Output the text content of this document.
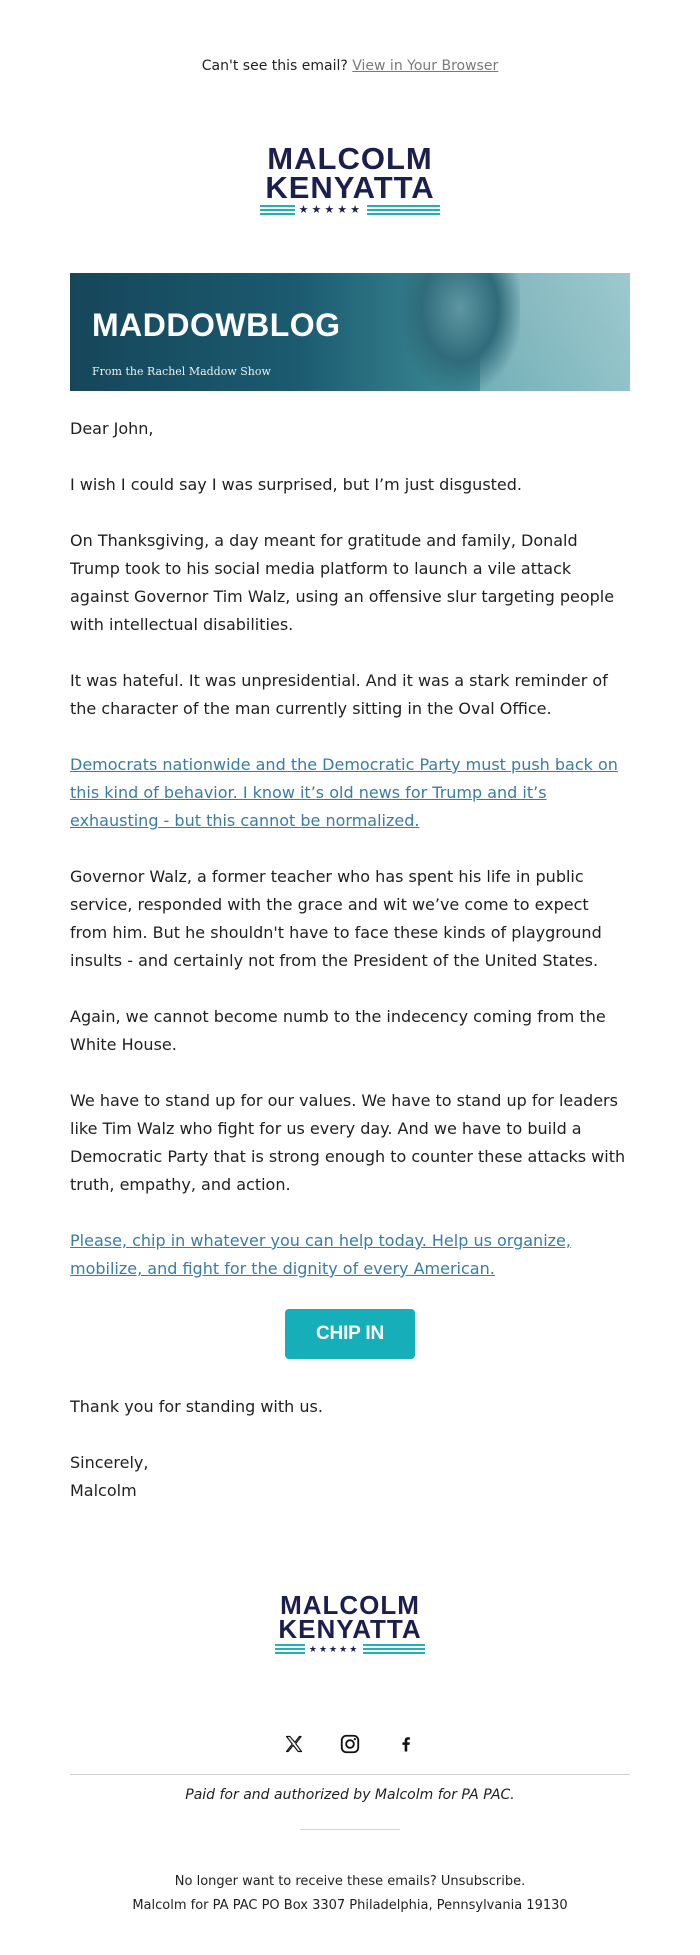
Can't see this email? View in Your Browser
MALCOLM
KENYATTA
★★★★★
MADDOWBLOG
From the Rachel Maddow Show

Dear John,

I wish I could say I was surprised, but I’m just disgusted.

On Thanksgiving, a day meant for gratitude and family, Donald Trump took to his social media platform to launch a vile attack against Governor Tim Walz, using an offensive slur targeting people with intellectual disabilities.

It was hateful. It was unpresidential. And it was a stark reminder of the character of the man currently sitting in the Oval Office.

Democrats nationwide and the Democratic Party must push back on this kind of behavior. I know it’s old news for Trump and it’s exhausting - but this cannot be normalized.

Governor Walz, a former teacher who has spent his life in public service, responded with the grace and wit we’ve come to expect from him. But he shouldn't have to face these kinds of playground insults - and certainly not from the President of the United States.

Again, we cannot become numb to the indecency coming from the White House.

We have to stand up for our values. We have to stand up for leaders like Tim Walz who fight for us every day. And we have to build a Democratic Party that is strong enough to counter these attacks with truth, empathy, and action.

Please, chip in whatever you can help today. Help us organize, mobilize, and fight for the dignity of every American.

CHIP IN
Thank you for standing with us.
Sincerely,
Malcolm
MALCOLM
KENYATTA
★★★★★
Paid for and authorized by Malcolm for PA PAC.
No longer want to receive these emails? Unsubscribe.
Malcolm for PA PAC PO Box 3307 Philadelphia, Pennsylvania 19130
